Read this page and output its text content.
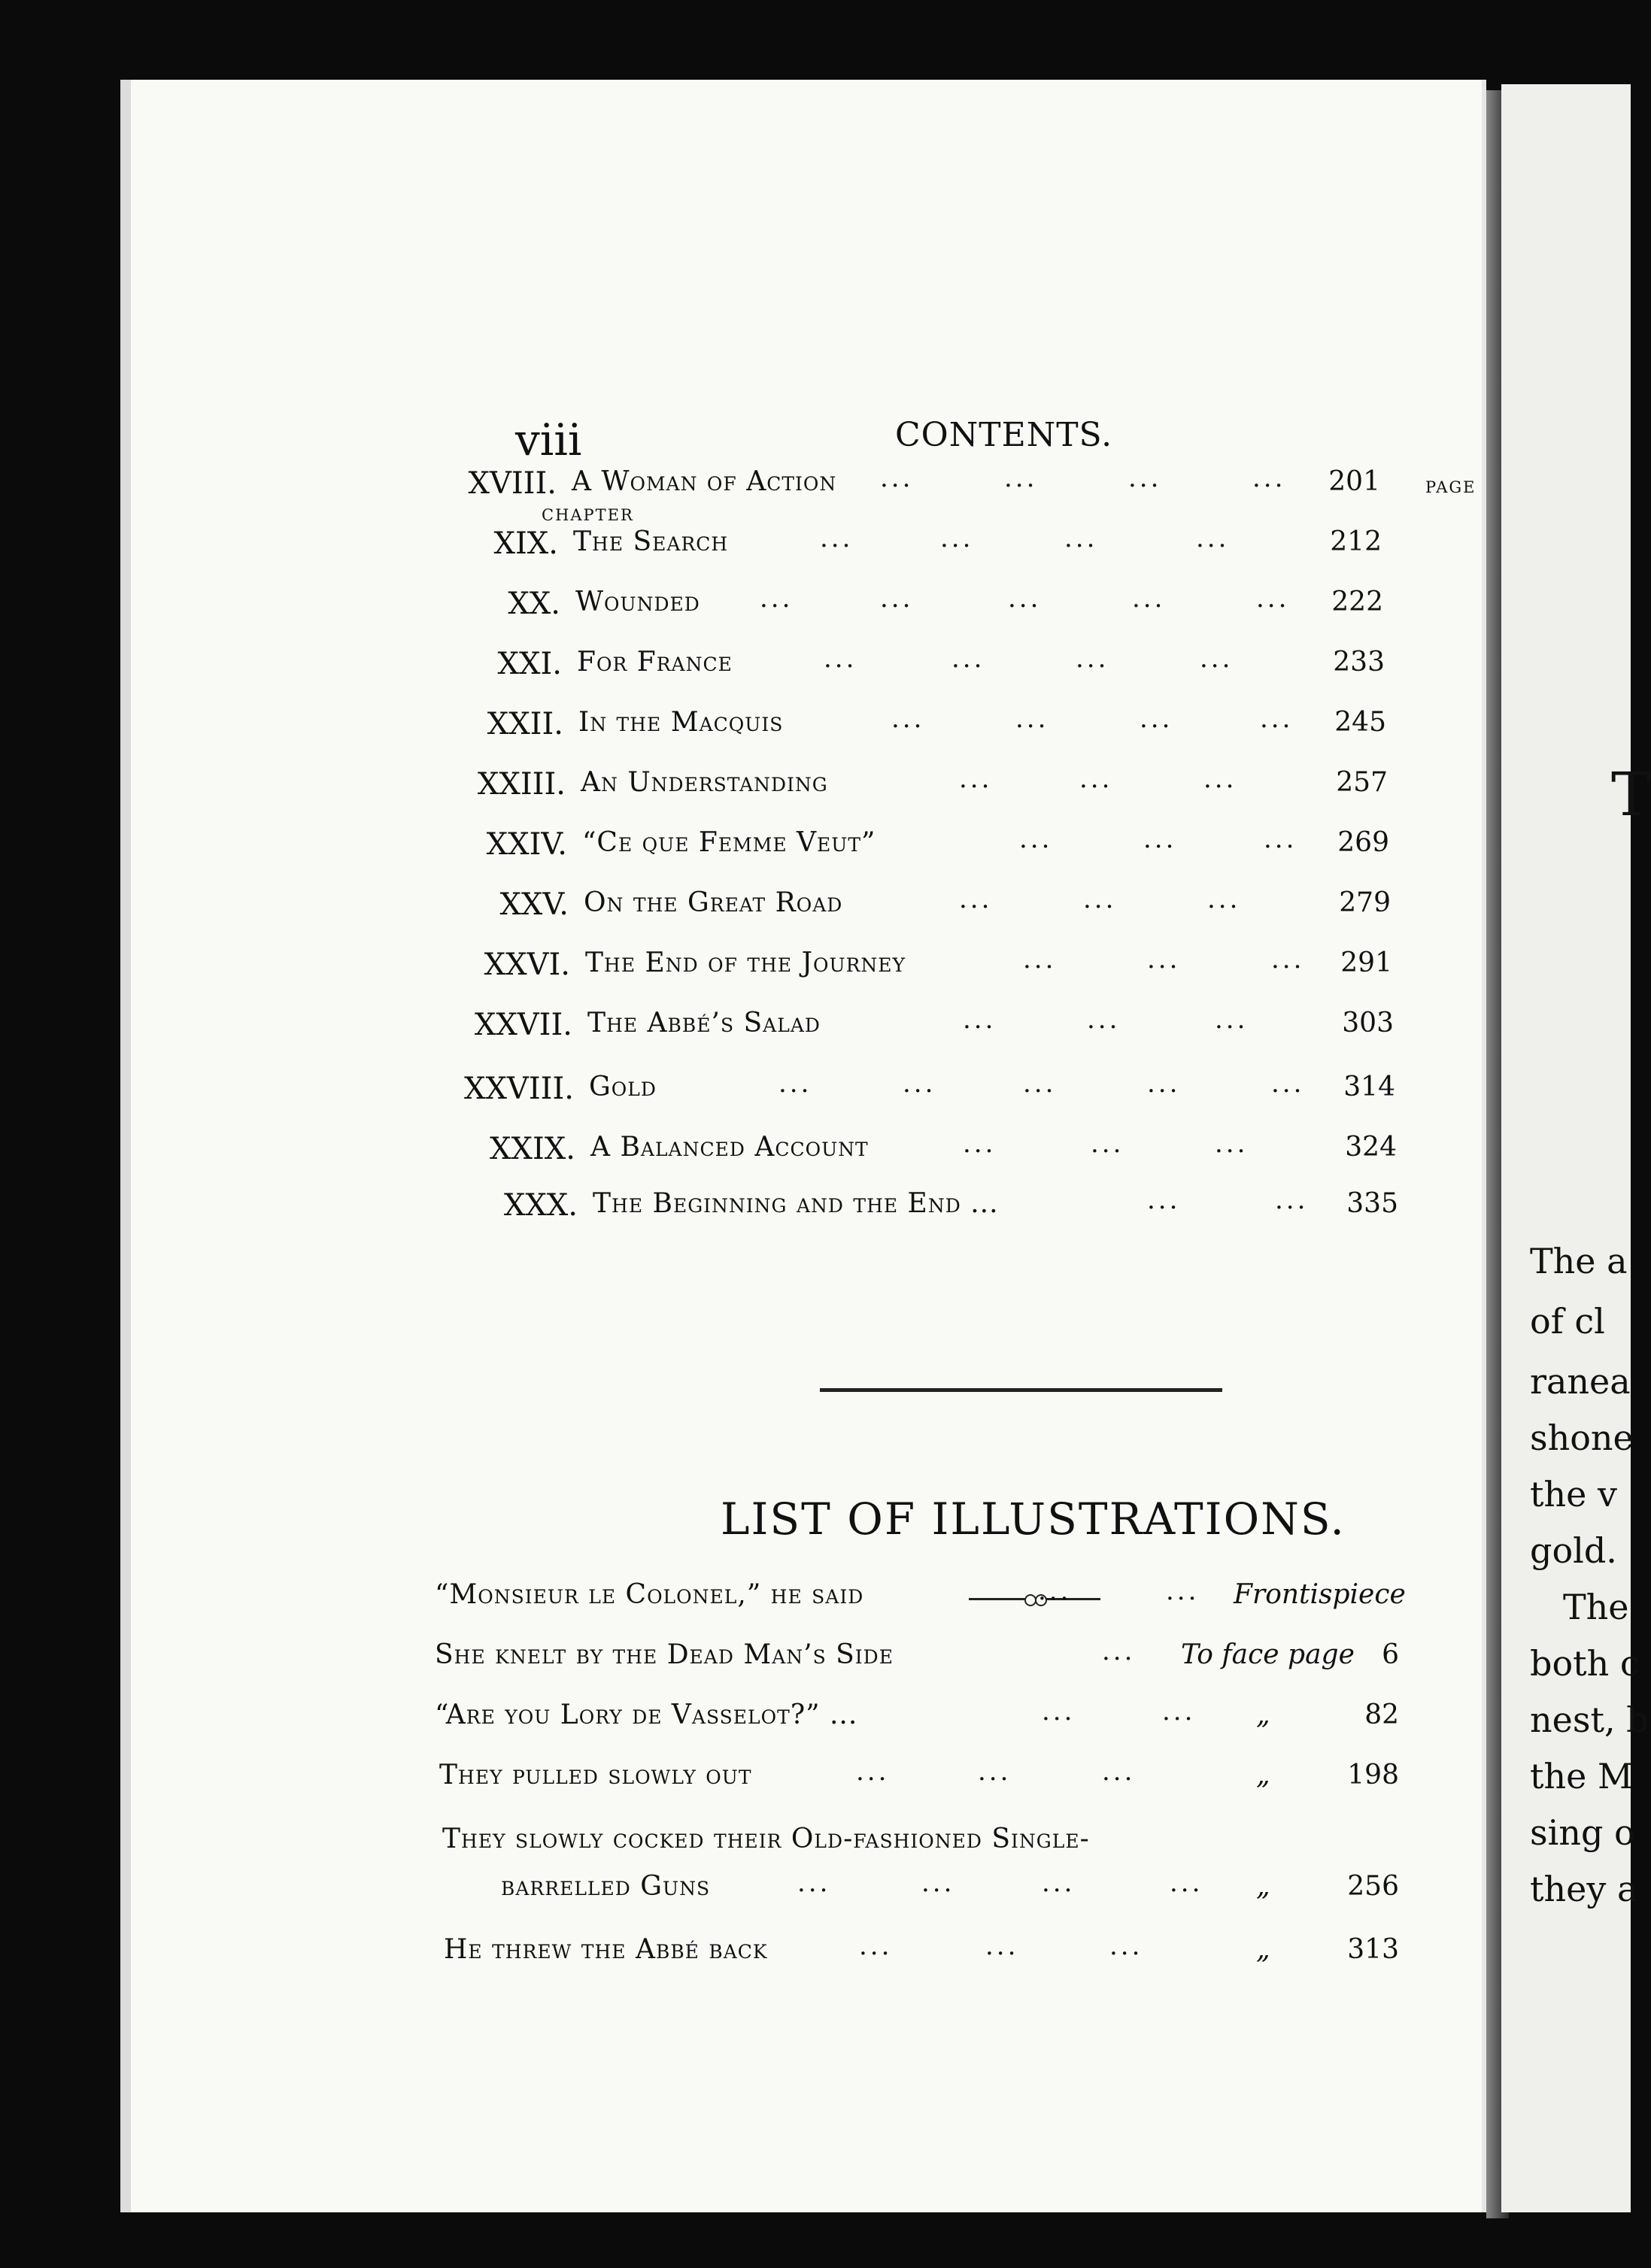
viii	CONTENTS.
PAGE
CHAPTER
XVIII. A Woman of Action	201
...	...	...	...
XIX. The Search	212
...	...	...	...
XX. Wounded	222
...	...	...	...	...
XXI. For France	233
...	...	...	...
XXII. In the Macquis	245
...	...	...	...
XXIII. An Understanding	257
...	...	...
XXIV. “Ce que Femme Veut”	269
...	...	...
XXV. On the Great Road	279
...	...	...
XXVI. The End of the Journey	291
...	...	...
XXVII. The Abbé’s Salad	303
...	...	...
XXVIII. Gold	314
...	...	...	...	...
XXIX. A Balanced Account	324
...	...	...
XXX. The Beginning and the End ...	335
...	...
LIST OF ILLUSTRATIONS.
“Monsieur le Colonel,” he said	Frontispiece
...	...
She knelt by the Dead Man’s Side	To face page 6
...
“Are you Lory de Vasselot?” ...	„	82
...	...
They pulled slowly out	„	198
...	...	...
They slowly cocked their Old-fashioned Single-
barrelled Guns	„	256
...	...	...	...
He threw the Abbé back	„	313
...	...	...
T
The a
of cl
ranea
shone
the v
gold.
The
both c
nest, b
the M
sing o
they a
